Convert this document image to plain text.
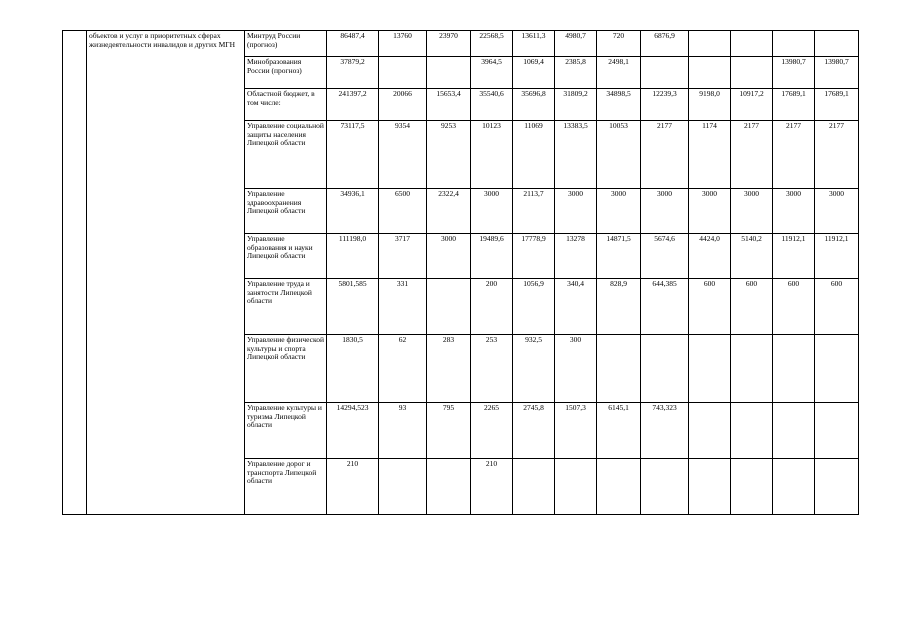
	объектов и услуг в приоритетных сферах жизнедеятельности инвалидов и других МГН	Минтруд России (прогноз)	86487,4	13760	23970	22568,5	13611,3	4980,7	720	6876,9				
		Минобразования России (прогноз)	37879,2			3964,5	1069,4	2385,8	2498,1				13980,7	13980,7
		Областной бюджет, в том числе:	241397,2	20066	15653,4	35540,6	35696,8	31809,2	34898,5	12239,3	9198,0	10917,2	17689,1	17689,1
		Управление социальной защиты населения Липецкой области	73117,5	9354	9253	10123	11069	13383,5	10053	2177	1174	2177	2177	2177
		Управление здравоохранения Липецкой области	34936,1	6500	2322,4	3000	2113,7	3000	3000	3000	3000	3000	3000	3000
		Управление образования и науки Липецкой области	111198,0	3717	3000	19489,6	17778,9	13278	14871,5	5674,6	4424,0	5140,2	11912,1	11912,1
		Управление труда и занятости Липецкой области	5801,585	331		200	1056,9	340,4	828,9	644,385	600	600	600	600
		Управление физической культуры и спорта Липецкой области	1830,5	62	283	253	932,5	300						
		Управление культуры и туризма Липецкой области	14294,523	93	795	2265	2745,8	1507,3	6145,1	743,323				
		Управление дорог и транспорта Липецкой области	210			210								
